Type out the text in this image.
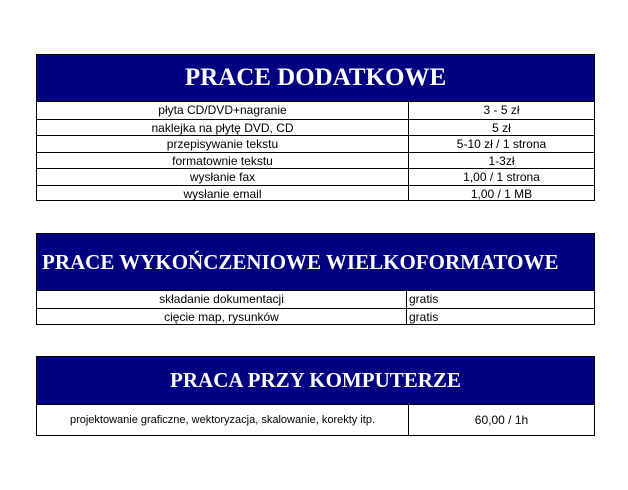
PRACE DODATKOWE
płyta CD/DVD+nagranie	3 - 5 zł
naklejka na płytę DVD, CD	5 zł
przepisywanie tekstu	5-10 zł / 1 strona
formatownie tekstu	1-3zł
wysłanie fax	1,00 / 1 strona
wysłanie email	1,00 / 1 MB
PRACE WYKOŃCZENIOWE WIELKOFORMATOWE
składanie dokumentacji	gratis
cięcie map, rysunków	gratis
PRACA PRZY KOMPUTERZE
projektowanie graficzne, wektoryzacja, skalowanie, korekty itp.	60,00 / 1h
